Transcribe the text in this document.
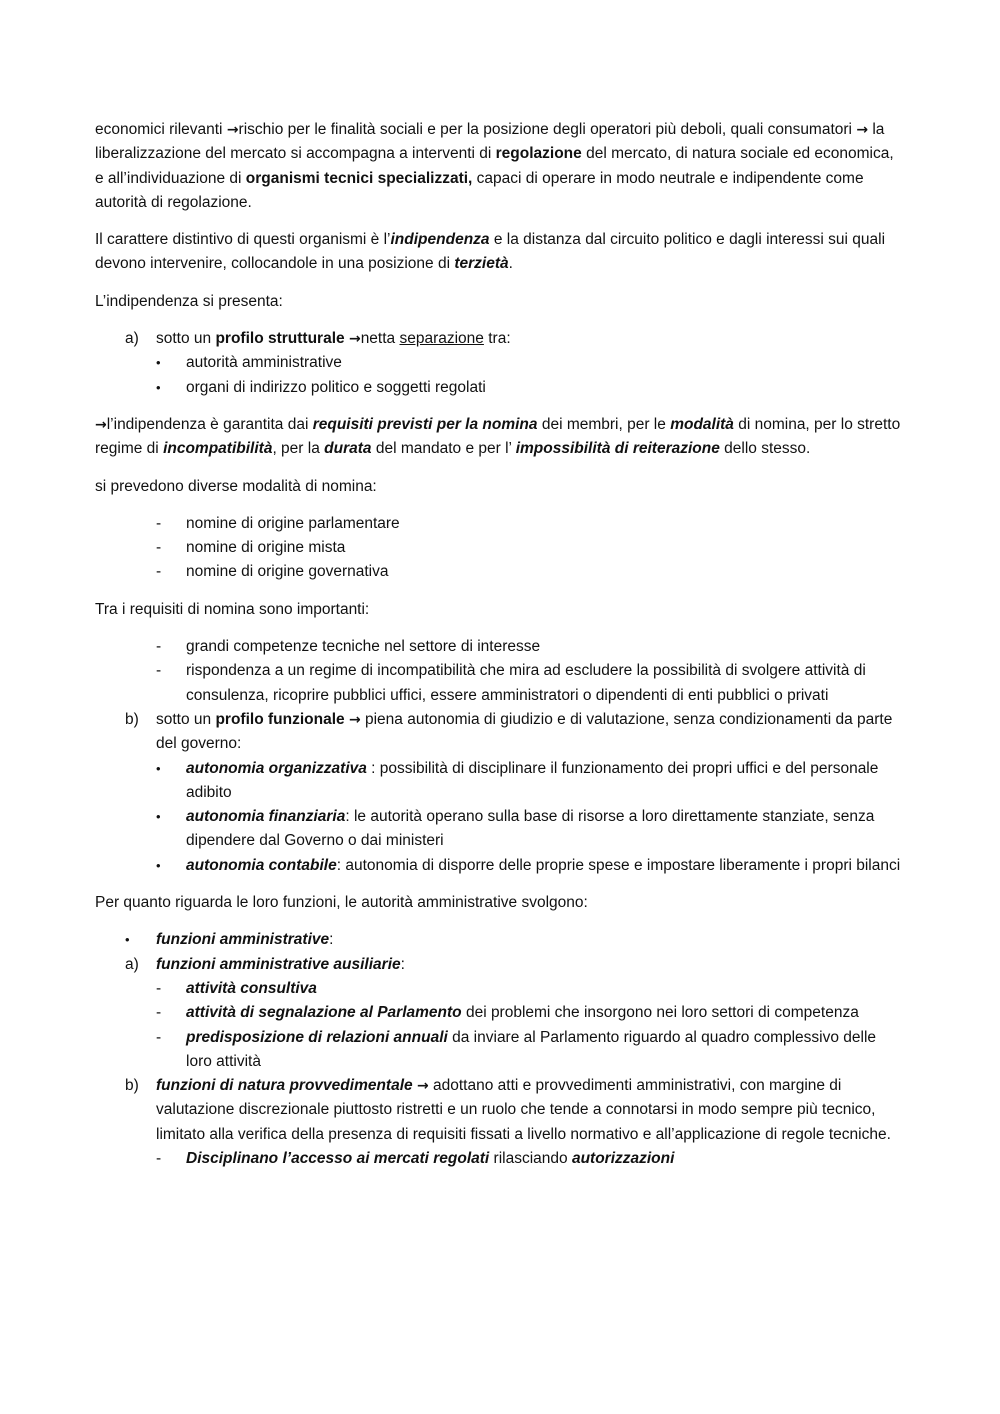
economici rilevanti →rischio per le finalità sociali e per la posizione degli operatori più deboli, quali consumatori → la liberalizzazione del mercato si accompagna a interventi di regolazione del mercato, di natura sociale ed economica, e all’individuazione di organismi tecnici specializzati, capaci di operare in modo neutrale e indipendente come autorità di regolazione.

Il carattere distintivo di questi organismi è l’indipendenza e la distanza dal circuito politico e dagli interessi sui quali devono intervenire, collocandole in una posizione di terzietà.

L’indipendenza si presenta:

a)	sotto un profilo strutturale →netta separazione tra:
•	autorità amministrative
•	organi di indirizzo politico e soggetti regolati

→l’indipendenza è garantita dai requisiti previsti per la nomina dei membri, per le modalità di nomina, per lo stretto regime di incompatibilità, per la durata del mandato e per l’ impossibilità di reiterazione dello stesso.

si prevedono diverse modalità di nomina:

-	nomine di origine parlamentare
-	nomine di origine mista
-	nomine di origine governativa

Tra i requisiti di nomina sono importanti:

-	grandi competenze tecniche nel settore di interesse
-	rispondenza a un regime di incompatibilità che mira ad escludere la possibilità di svolgere attività di consulenza, ricoprire pubblici uffici, essere amministratori o dipendenti di enti pubblici o privati
b)	sotto un profilo funzionale → piena autonomia di giudizio e di valutazione, senza condizionamenti da parte del governo:
•	autonomia organizzativa : possibilità di disciplinare il funzionamento dei propri uffici e del personale adibito
•	autonomia finanziaria: le autorità operano sulla base di risorse a loro direttamente stanziate, senza dipendere dal Governo o dai ministeri
•	autonomia contabile: autonomia di disporre delle proprie spese e impostare liberamente i propri bilanci

Per quanto riguarda le loro funzioni, le autorità amministrative svolgono:

•	funzioni amministrative:
a)	funzioni amministrative ausiliarie:
-	attività consultiva
-	attività di segnalazione al Parlamento dei problemi che insorgono nei loro settori di competenza
-	predisposizione di relazioni annuali da inviare al Parlamento riguardo al quadro complessivo delle loro attività
b)	funzioni di natura provvedimentale → adottano atti e provvedimenti amministrativi, con margine di valutazione discrezionale piuttosto ristretti e un ruolo che tende a connotarsi in modo sempre più tecnico, limitato alla verifica della presenza di requisiti fissati a livello normativo e all’applicazione di regole tecniche.
-	Disciplinano l’accesso ai mercati regolati rilasciando autorizzazioni
